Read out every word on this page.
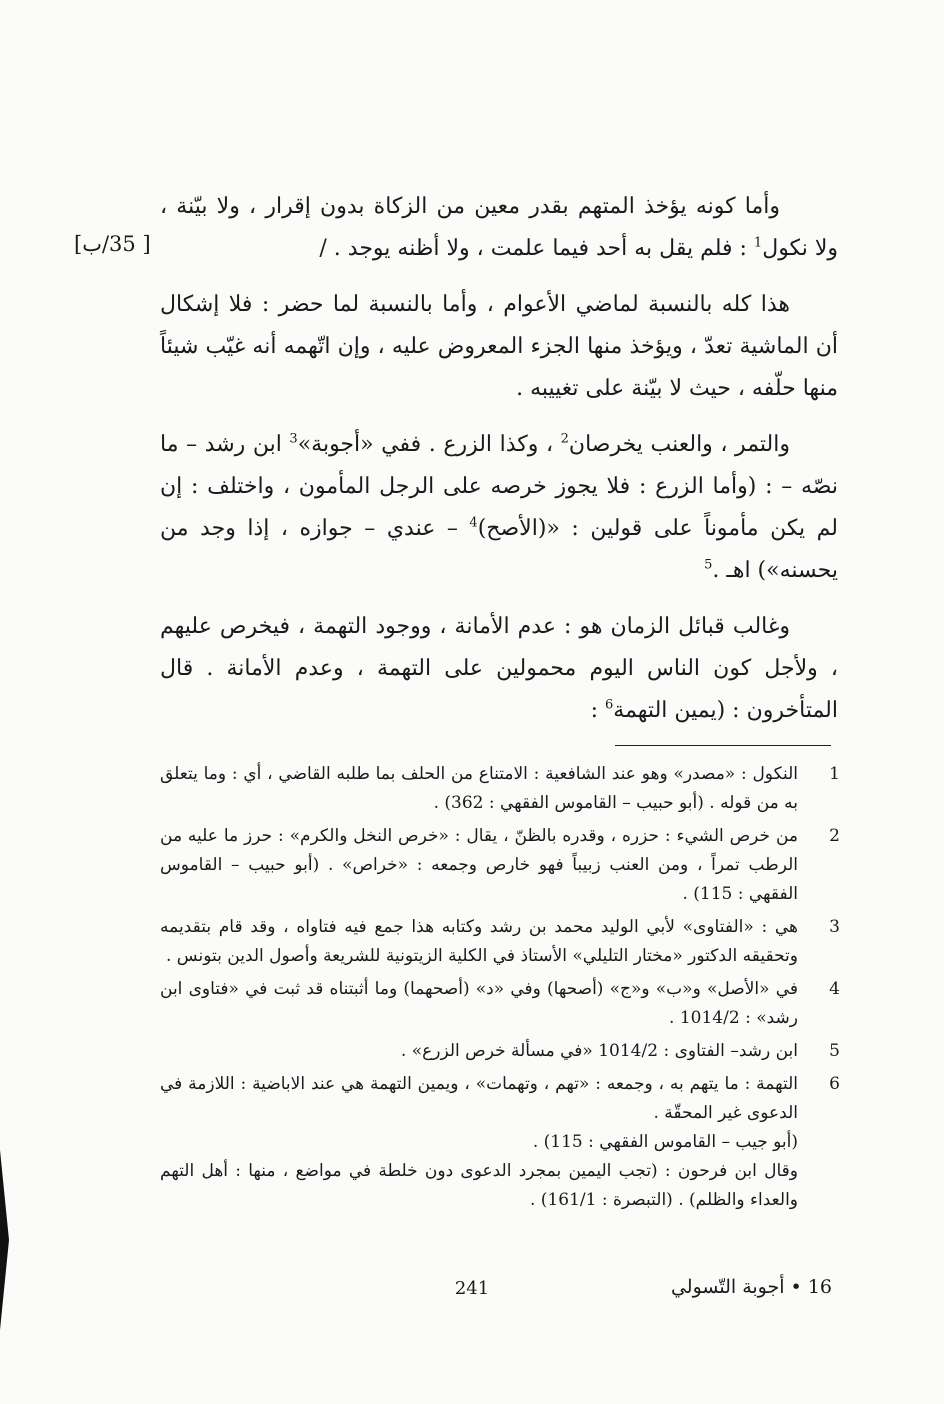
[ 35/ب]

وأما كونه يؤخذ المتهم بقدر معين من الزكاة بدون إقرار ، ولا بيّنة ، ولا نكول$^1$ : فلم يقل به أحد فيما علمت ، ولا أظنه يوجد . /

هذا كله بالنسبة لماضي الأعوام ، وأما بالنسبة لما حضر : فلا إشكال أن الماشية تعدّ ، ويؤخذ منها الجزء المعروض عليه ، وإن اتّهمه أنه غيّب شيئاً منها حلّفه ، حيث لا بيّنة على تغييبه .

والتمر ، والعنب يخرصان$^2$ ، وكذا الزرع . ففي «أجوبة»$^3$ ابن رشد – ما نصّه – : (وأما الزرع : فلا يجوز خرصه على الرجل المأمون ، واختلف : إن لم يكن مأموناً على قولين : «(الأصح)$^4$ – عندي – جوازه ، إذا وجد من يحسنه») اهـ .$^5$

وغالب قبائل الزمان هو : عدم الأمانة ، ووجود التهمة ، فيخرص عليهم ، ولأجل كون الناس اليوم محمولين على التهمة ، وعدم الأمانة . قال المتأخرون : (يمين التهمة$^6$ :

1
النكول : «مصدر» وهو عند الشافعية : الامتناع من الحلف بما طلبه القاضي ، أي : وما يتعلق به من قوله . (أبو حبيب – القاموس الفقهي : 362) .
2
من خرص الشيء : حزره ، وقدره بالظنّ ، يقال : «خرص النخل والكرم» : حرز ما عليه من الرطب تمراً ، ومن العنب زبيباً فهو خارص وجمعه : «خراص» . (أبو حبيب – القاموس الفقهي : 115) .
3
هي : «الفتاوى» لأبي الوليد محمد بن رشد وكتابه هذا جمع فيه فتاواه ، وقد قام بتقديمه وتحقيقه الدكتور «مختار التليلي» الأستاذ في الكلية الزيتونية للشريعة وأصول الدين بتونس .
4
في «الأصل» و«ب» و«ج» (أصحها) وفي «د» (أصحهما) وما أثبتناه قد ثبت في «فتاوى ابن رشد» : 1014/2 .
5
ابن رشد– الفتاوى : 1014/2 «في مسألة خرص الزرع» .
6
التهمة : ما يتهم به ، وجمعه : «تهم ، وتهمات» ، ويمين التهمة هي عند الاباضية : اللازمة في الدعوى غير المحقّة .
(أبو جيب – القاموس الفقهي : 115) .
وقال ابن فرحون : (تجب اليمين بمجرد الدعوى دون خلطة في مواضع ، منها : أهل التهم والعداء والظلم) . (التبصرة : 161/1) .
241	16 • أجوبة التّسولي
